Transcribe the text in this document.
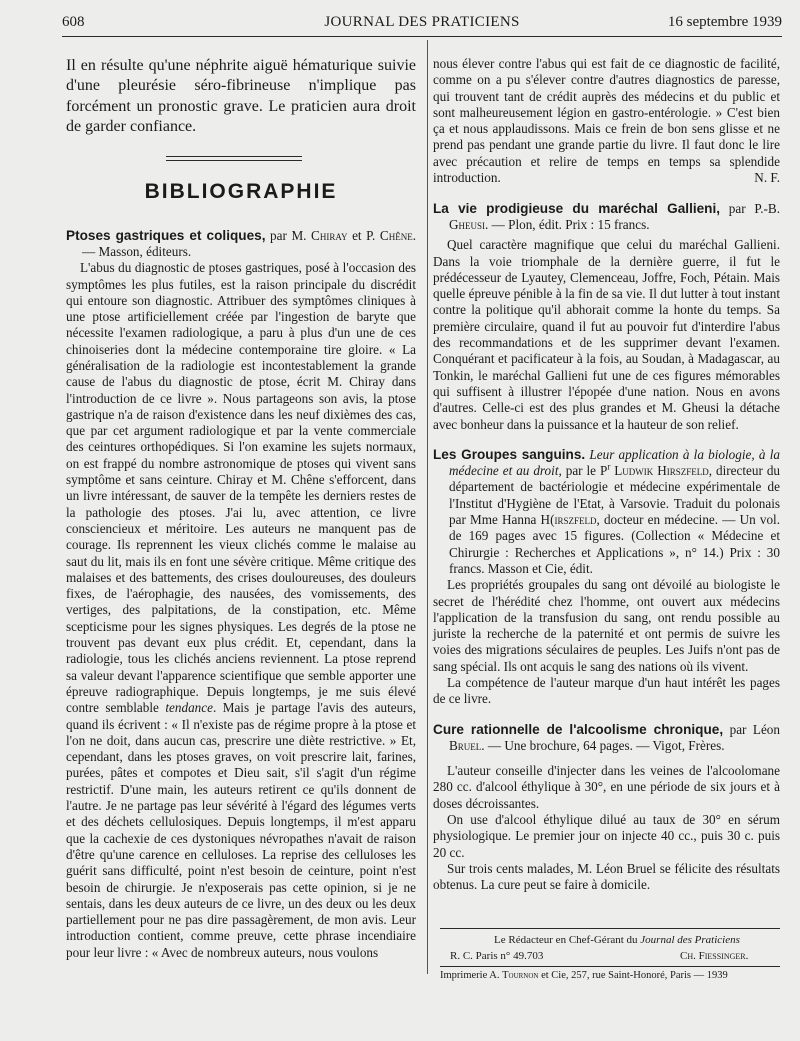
608	JOURNAL DES PRATICIENS	16 septembre 1939

Il en résulte qu'une néphrite aiguë hématurique suivie d'une pleurésie séro-fibrineuse n'implique pas forcément un pronostic grave. Le praticien aura droit de garder confiance.

BIBLIOGRAPHIE

Ptoses gastriques et coliques, par M. Chiray et P. Chêne. — Masson, éditeurs.

L'abus du diagnostic de ptoses gastriques, posé à l'occasion des symptômes les plus futiles, est la raison principale du discrédit qui entoure son diagnostic. Attribuer des symptômes cliniques à une ptose artificiellement créée par l'ingestion de baryte que nécessite l'examen radiologique, a paru à plus d'un une de ces chinoiseries dont la médecine contemporaine tire gloire. « La généralisation de la radiologie est incontestablement la grande cause de l'abus du diagnostic de ptose, écrit M. Chiray dans l'introduction de ce livre ». Nous partageons son avis, la ptose gastrique n'a de raison d'existence dans les neuf dixièmes des cas, que par cet argument radiologique et par la vente commerciale des ceintures orthopédiques. Si l'on examine les sujets normaux, on est frappé du nombre astronomique de ptoses qui vivent sans symptôme et sans ceinture. Chiray et M. Chêne s'efforcent, dans un livre intéressant, de sauver de la tempête les derniers restes de la pathologie des ptoses. J'ai lu, avec attention, ce livre consciencieux et méritoire. Les auteurs ne manquent pas de courage. Ils reprennent les vieux clichés comme le malaise au saut du lit, mais ils en font une sévère critique. Même critique des malaises et des battements, des crises douloureuses, des douleurs fixes, de l'aérophagie, des nausées, des vomissements, des vertiges, des palpitations, de la constipation, etc. Même scepticisme pour les signes physiques. Les degrés de la ptose ne trouvent pas devant eux plus crédit. Et, cependant, dans la radiologie, tous les clichés anciens reviennent. La ptose reprend sa valeur devant l'apparence scientifique que semble apporter une épreuve radiographique. Depuis longtemps, je me suis élevé contre semblable tendance. Mais je partage l'avis des auteurs, quand ils écrivent : « Il n'existe pas de régime propre à la ptose et l'on ne doit, dans aucun cas, prescrire une diète restrictive. » Et, cependant, dans les ptoses graves, on voit prescrire lait, farines, purées, pâtes et compotes et Dieu sait, s'il s'agit d'un régime restrictif. D'une main, les auteurs retirent ce qu'ils donnent de l'autre. Je ne partage pas leur sévérité à l'égard des légumes verts et des déchets cellulosiques. Depuis longtemps, il m'est apparu que la cachexie de ces dystoniques névropathes n'avait de raison d'être qu'une carence en celluloses. La reprise des celluloses les guérit sans difficulté, point n'est besoin de ceinture, point n'est besoin de chirurgie. Je n'exposerais pas cette opinion, si je ne sentais, dans les deux auteurs de ce livre, un des deux ou les deux partiellement pour ne pas dire passagèrement, de mon avis. Leur introduction contient, comme preuve, cette phrase incendiaire pour leur livre : « Avec de nombreux auteurs, nous voulons

nous élever contre l'abus qui est fait de ce diagnostic de facilité, comme on a pu s'élever contre d'autres diagnostics de paresse, qui trouvent tant de crédit auprès des médecins et du public et sont malheureusement légion en gastro-entérologie. » C'est bien ça et nous applaudissons. Mais ce frein de bon sens glisse et ne prend pas pendant une grande partie du livre. Il faut donc le lire avec précaution et relire de temps en temps sa splendide introduction.	N. F.

La vie prodigieuse du maréchal Gallieni, par P.-B. Gheusi. — Plon, édit. Prix : 15 francs.

Quel caractère magnifique que celui du maréchal Gallieni. Dans la voie triomphale de la dernière guerre, il fut le prédécesseur de Lyautey, Clemenceau, Joffre, Foch, Pétain. Mais quelle épreuve pénible à la fin de sa vie. Il dut lutter à tout instant contre la politique qu'il abhorait comme la honte du temps. Sa première circulaire, quand il fut au pouvoir fut d'interdire l'abus des recommandations et de les supprimer devant l'examen. Conquérant et pacificateur à la fois, au Soudan, à Madagascar, au Tonkin, le maréchal Gallieni fut une de ces figures mémorables qui suffisent à illustrer l'épopée d'une nation. Nous en avons d'autres. Celle-ci est des plus grandes et M. Gheusi la détache avec bonheur dans la puissance et la hauteur de son relief.

Les Groupes sanguins. Leur application à la biologie, à la médecine et au droit, par le $P^r$ Ludwik Hirszfeld, directeur du département de bactériologie et médecine expérimentale de l'Institut d'Hygiène de l'Etat, à Varsovie. Traduit du polonais par Mme Hanna H(irszfeld, docteur en médecine. — Un vol. de 169 pages avec 15 figures. (Collection « Médecine et Chirurgie : Recherches et Applications », n° 14.) Prix : 30 francs. Masson et Cie, édit.

Les propriétés groupales du sang ont dévoilé au biologiste le secret de l'hérédité chez l'homme, ont ouvert aux médecins l'application de la transfusion du sang, ont rendu possible au juriste la recherche de la paternité et ont permis de suivre les voies des migrations séculaires de peuples. Les Juifs n'ont pas de sang spécial. Ils ont acquis le sang des nations où ils vivent.

La compétence de l'auteur marque d'un haut intérêt les pages de ce livre.

Cure rationnelle de l'alcoolisme chronique, par Léon Bruel. — Une brochure, 64 pages. — Vigot, Frères.

L'auteur conseille d'injecter dans les veines de l'alcoolomane 280 cc. d'alcool éthylique à 30°, en une période de six jours et à doses décroissantes.

On use d'alcool éthylique dilué au taux de 30° en sérum physiologique. Le premier jour on injecte 40 cc., puis 30 c. puis 20 cc.

Sur trois cents malades, M. Léon Bruel se félicite des résultats obtenus. La cure peut se faire à domicile.

Le Rédacteur en Chef-Gérant du Journal des Praticiens
R. C. Paris n° 49.703	Ch. Fiessinger.
Imprimerie A. Tournon et Cie, 257, rue Saint-Honoré, Paris — 1939
